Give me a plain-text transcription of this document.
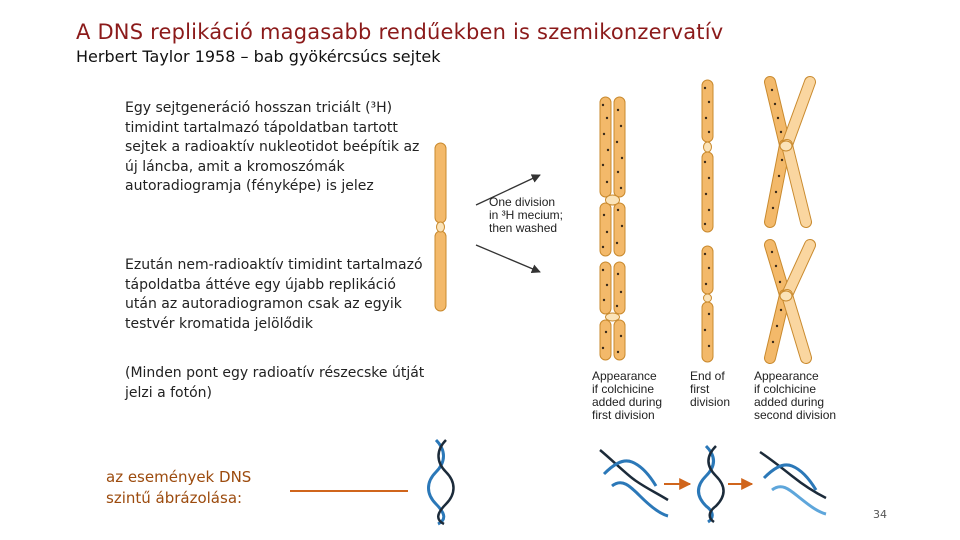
A DNS replikáció magasabb rendűekben is szemikonzervatív
Herbert Taylor 1958 – bab gyökércsúcs sejtek
Egy sejtgeneráció hosszan triciált (³H) timidint tartalmazó tápoldatban tartott sejtek a radioaktív nukleotidot beépítik az új láncba, amit a kromoszómák autoradiogramja (fényképe) is jelez
Ezután nem-radioaktív timidint tartalmazó tápoldatba áttéve egy újabb replikáció után az autoradiogramon csak az egyik testvér kromatida jelölődik
(Minden pont egy radioatív részecske útját jelzi a fotón)
az események DNS szintű ábrázolása:
One division
in ³H mecium;
then washed
Appearance
if colchicine
added during
first division
End of
first
division
Appearance
if colchicine
added during
second division
34
